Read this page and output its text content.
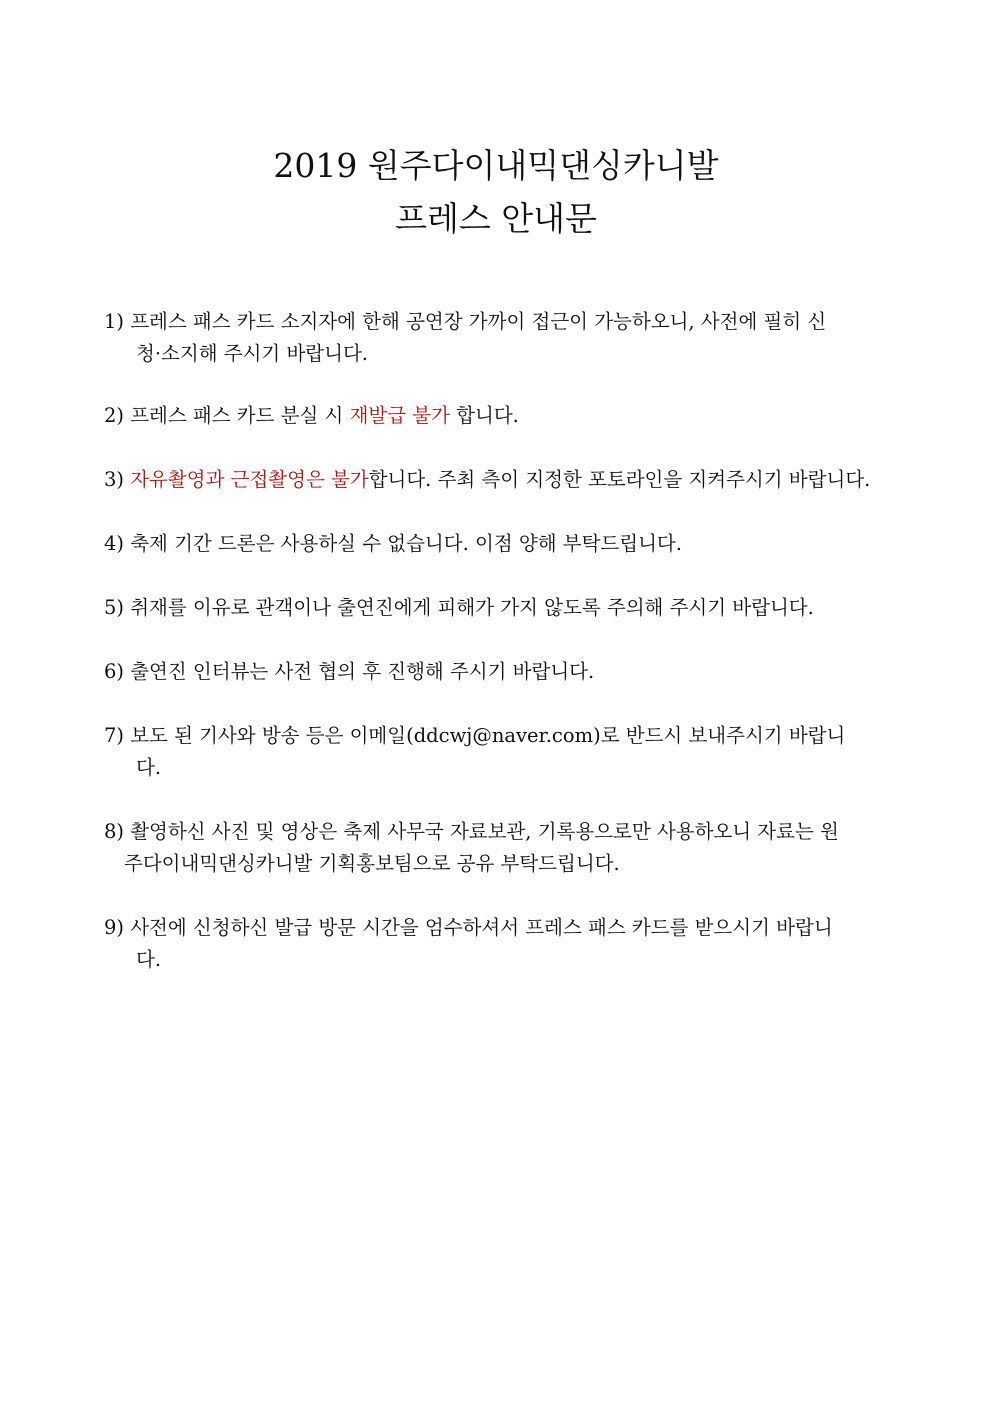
2019 원주다이내믹댄싱카니발
프레스 안내문

1) 프레스 패스 카드 소지자에 한해 공연장 가까이 접근이 가능하오니, 사전에 필히 신
청·소지해 주시기 바랍니다.

2) 프레스 패스 카드 분실 시 재발급 불가 합니다.

3) 자유촬영과 근접촬영은 불가합니다. 주최 측이 지정한 포토라인을 지켜주시기 바랍니다.

4) 축제 기간 드론은 사용하실 수 없습니다. 이점 양해 부탁드립니다.

5) 취재를 이유로 관객이나 출연진에게 피해가 가지 않도록 주의해 주시기 바랍니다.

6) 출연진 인터뷰는 사전 협의 후 진행해 주시기 바랍니다.

7) 보도 된 기사와 방송 등은 이메일(ddcwj@naver.com)로 반드시 보내주시기 바랍니
다.

8) 촬영하신 사진 및 영상은 축제 사무국 자료보관, 기록용으로만 사용하오니 자료는 원
주다이내믹댄싱카니발 기획홍보팀으로 공유 부탁드립니다.

9) 사전에 신청하신 발급 방문 시간을 엄수하셔서 프레스 패스 카드를 받으시기 바랍니
다.
